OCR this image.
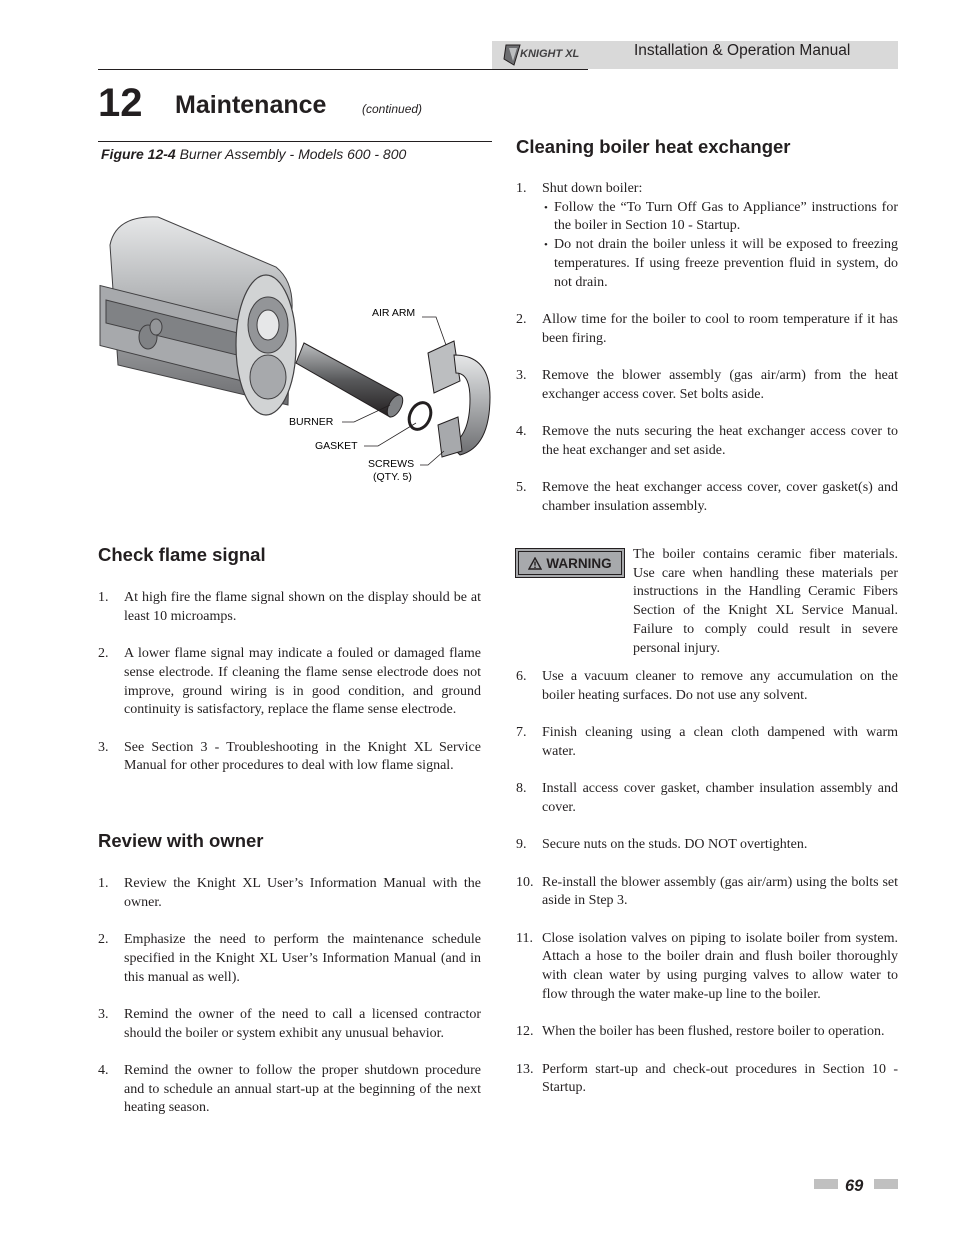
KNIGHT XL	Installation & Operation Manual
12 Maintenance	(continued)
Figure 12-4 Burner Assembly - Models 600 - 800
AIR ARM
BURNER
GASKET
SCREWS
(QTY. 5)
Check flame signal
1. At high fire the flame signal shown on the display should be at least 10 microamps.
2. A lower flame signal may indicate a fouled or damaged flame sense electrode. If cleaning the flame sense electrode does not improve, ground wiring is in good condition, and ground continuity is satisfactory, replace the flame sense electrode.
3. See Section 3 - Troubleshooting in the Knight XL Service Manual for other procedures to deal with low flame signal.
Review with owner
1. Review the Knight XL User’s Information Manual with the owner.
2. Emphasize the need to perform the maintenance schedule specified in the Knight XL User’s Information Manual (and in this manual as well).
3. Remind the owner of the need to call a licensed contractor should the boiler or system exhibit any unusual behavior.
4. Remind the owner to follow the proper shutdown procedure and to schedule an annual start-up at the beginning of the next heating season.
Cleaning boiler heat exchanger
1. Shut down boiler:
• Follow the “To Turn Off Gas to Appliance” instructions for the boiler in Section 10 - Startup.
• Do not drain the boiler unless it will be exposed to freezing temperatures. If using freeze prevention fluid in system, do not drain.
2. Allow time for the boiler to cool to room temperature if it has been firing.
3. Remove the blower assembly (gas air/arm) from the heat exchanger access cover. Set bolts aside.
4. Remove the nuts securing the heat exchanger access cover to the heat exchanger and set aside.
5. Remove the heat exchanger access cover, cover gasket(s) and chamber insulation assembly.
WARNING
The boiler contains ceramic fiber materials. Use care when handling these materials per instructions in the Handling Ceramic Fibers Section of the Knight XL Service Manual. Failure to comply could result in severe personal injury.
6. Use a vacuum cleaner to remove any accumulation on the boiler heating surfaces. Do not use any solvent.
7. Finish cleaning using a clean cloth dampened with warm water.
8. Install access cover gasket, chamber insulation assembly and cover.
9. Secure nuts on the studs. DO NOT overtighten.
10. Re-install the blower assembly (gas air/arm) using the bolts set aside in Step 3.
11. Close isolation valves on piping to isolate boiler from system. Attach a hose to the boiler drain and flush boiler thoroughly with clean water by using purging valves to allow water to flow through the water make-up line to the boiler.
12. When the boiler has been flushed, restore boiler to operation.
13. Perform start-up and check-out procedures in Section 10 - Startup.
69
